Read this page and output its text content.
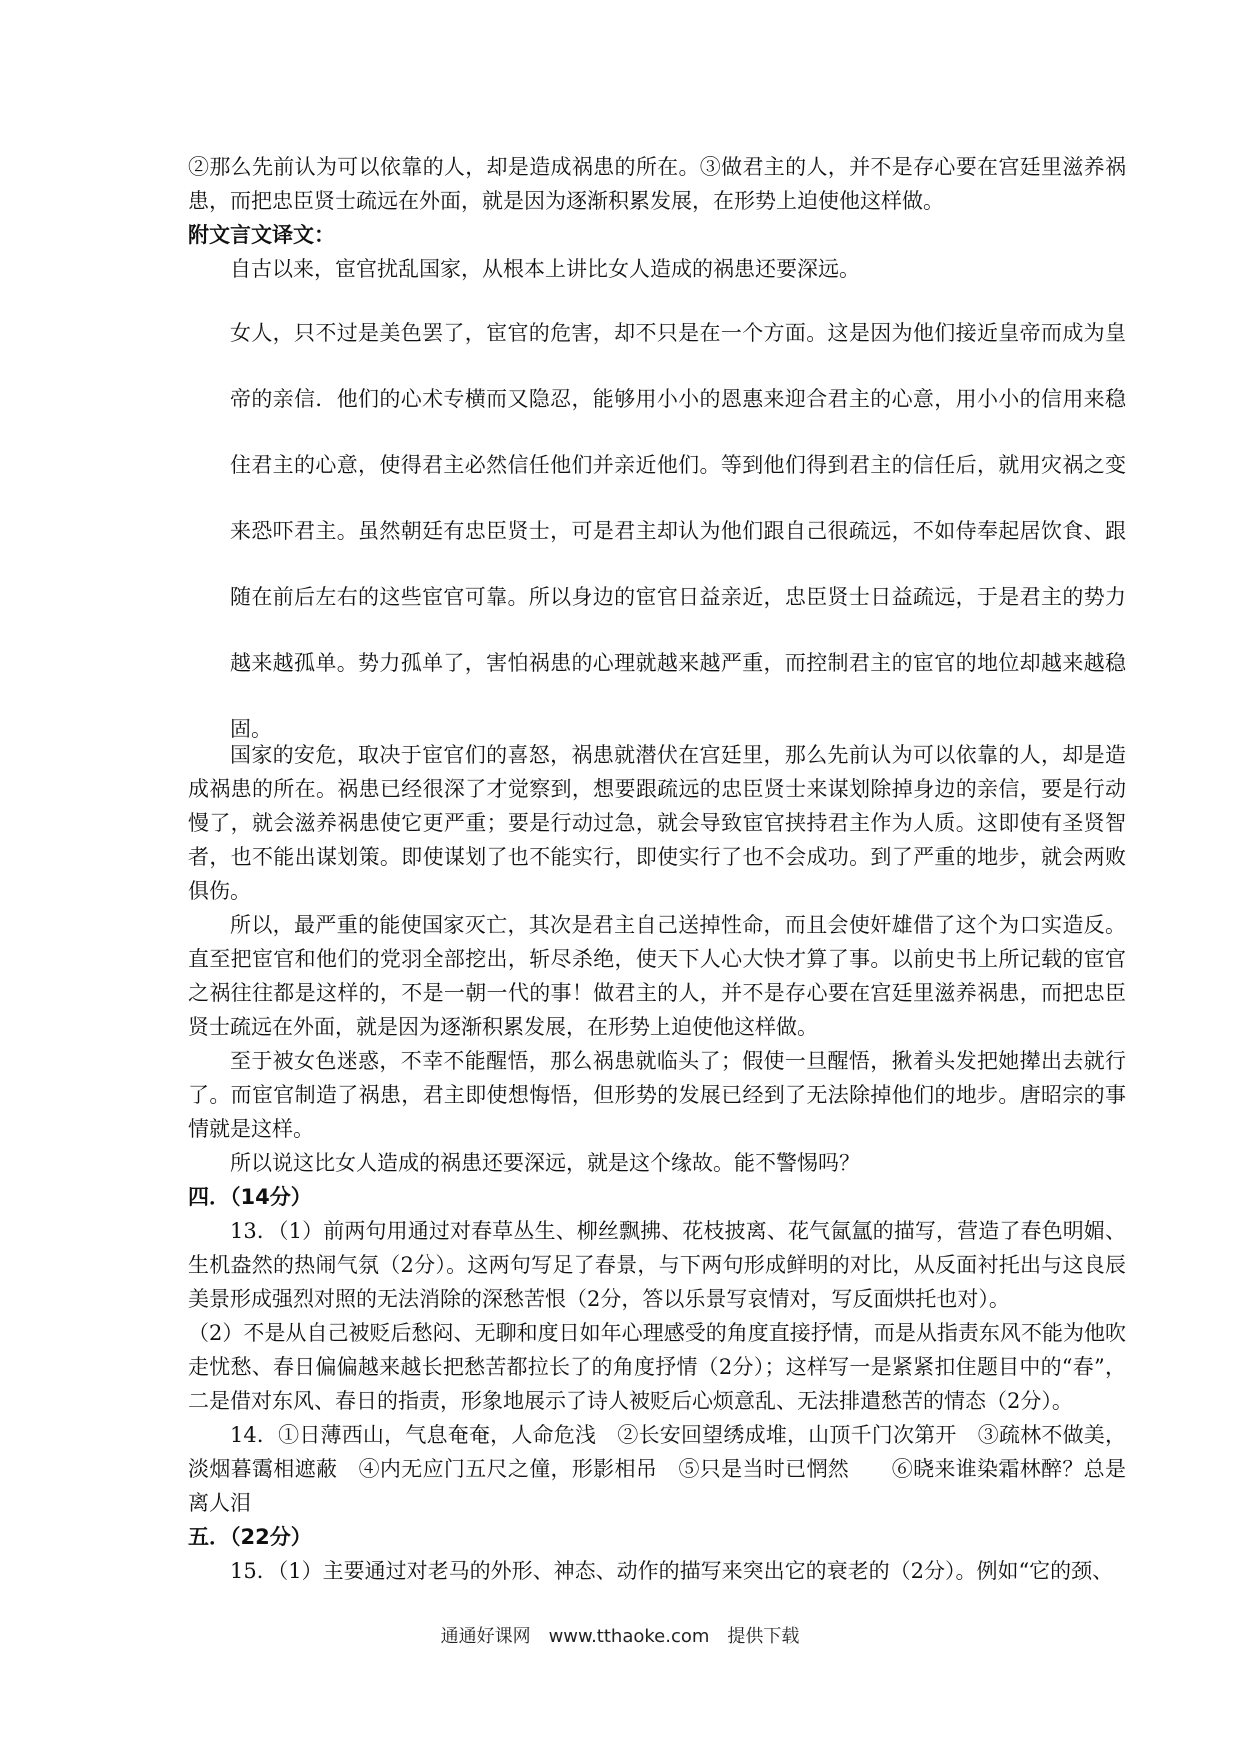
②那么先前认为可以依靠的人，却是造成祸患的所在。③做君主的人，并不是存心要在宫廷里滋养祸患，而把忠臣贤士疏远在外面，就是因为逐渐积累发展，在形势上迫使他这样做。

附文言文译文：

自古以来，宦官扰乱国家，从根本上讲比女人造成的祸患还要深远。

女人，只不过是美色罢了，宦官的危害，却不只是在一个方面。这是因为他们接近皇帝而成为皇帝的亲信．他们的心术专横而又隐忍，能够用小小的恩惠来迎合君主的心意，用小小的信用来稳住君主的心意，使得君主必然信任他们并亲近他们。等到他们得到君主的信任后，就用灾祸之变来恐吓君主。虽然朝廷有忠臣贤士，可是君主却认为他们跟自己很疏远，不如侍奉起居饮食、跟随在前后左右的这些宦官可靠。所以身边的宦官日益亲近，忠臣贤士日益疏远，于是君主的势力越来越孤单。势力孤单了，害怕祸患的心理就越来越严重，而控制君主的宦官的地位却越来越稳固。

国家的安危，取决于宦官们的喜怒，祸患就潜伏在宫廷里，那么先前认为可以依靠的人，却是造成祸患的所在。祸患已经很深了才觉察到，想要跟疏远的忠臣贤士来谋划除掉身边的亲信，要是行动慢了，就会滋养祸患使它更严重；要是行动过急，就会导致宦官挟持君主作为人质。这即使有圣贤智者，也不能出谋划策。即使谋划了也不能实行，即使实行了也不会成功。到了严重的地步，就会两败俱伤。

所以，最严重的能使国家灭亡，其次是君主自己送掉性命，而且会使奸雄借了这个为口实造反。直至把宦官和他们的党羽全部挖出，斩尽杀绝，使天下人心大快才算了事。以前史书上所记载的宦官之祸往往都是这样的，不是一朝一代的事！做君主的人，并不是存心要在宫廷里滋养祸患，而把忠臣贤士疏远在外面，就是因为逐渐积累发展，在形势上迫使他这样做。

至于被女色迷惑，不幸不能醒悟，那么祸患就临头了；假使一旦醒悟，揪着头发把她撵出去就行了。而宦官制造了祸患，君主即使想悔悟，但形势的发展已经到了无法除掉他们的地步。唐昭宗的事情就是这样。

所以说这比女人造成的祸患还要深远，就是这个缘故。能不警惕吗？

四．（14分）

13．（1）前两句用通过对春草丛生、柳丝飘拂、花枝披离、花气氤氲的描写，营造了春色明媚、生机盎然的热闹气氛（2分）。这两句写足了春景，与下两句形成鲜明的对比，从反面衬托出与这良辰美景形成强烈对照的无法消除的深愁苦恨（2分，答以乐景写哀情对，写反面烘托也对）。

（2）不是从自己被贬后愁闷、无聊和度日如年心理感受的角度直接抒情，而是从指责东风不能为他吹走忧愁、春日偏偏越来越长把愁苦都拉长了的角度抒情（2分）；这样写一是紧紧扣住题目中的“春”，二是借对东风、春日的指责，形象地展示了诗人被贬后心烦意乱、无法排遣愁苦的情态（2分）。

14．①日薄西山，气息奄奄，人命危浅　②长安回望绣成堆，山顶千门次第开　③疏林不做美，淡烟暮霭相遮蔽　④内无应门五尺之僮，形影相吊　⑤只是当时已惘然　　⑥晓来谁染霜林醉？总是离人泪

五．（22分）

15．（1）主要通过对老马的外形、神态、动作的描写来突出它的衰老的（2分）。例如“它的颈、

通通好课网　www.tthaoke.com　提供下载
